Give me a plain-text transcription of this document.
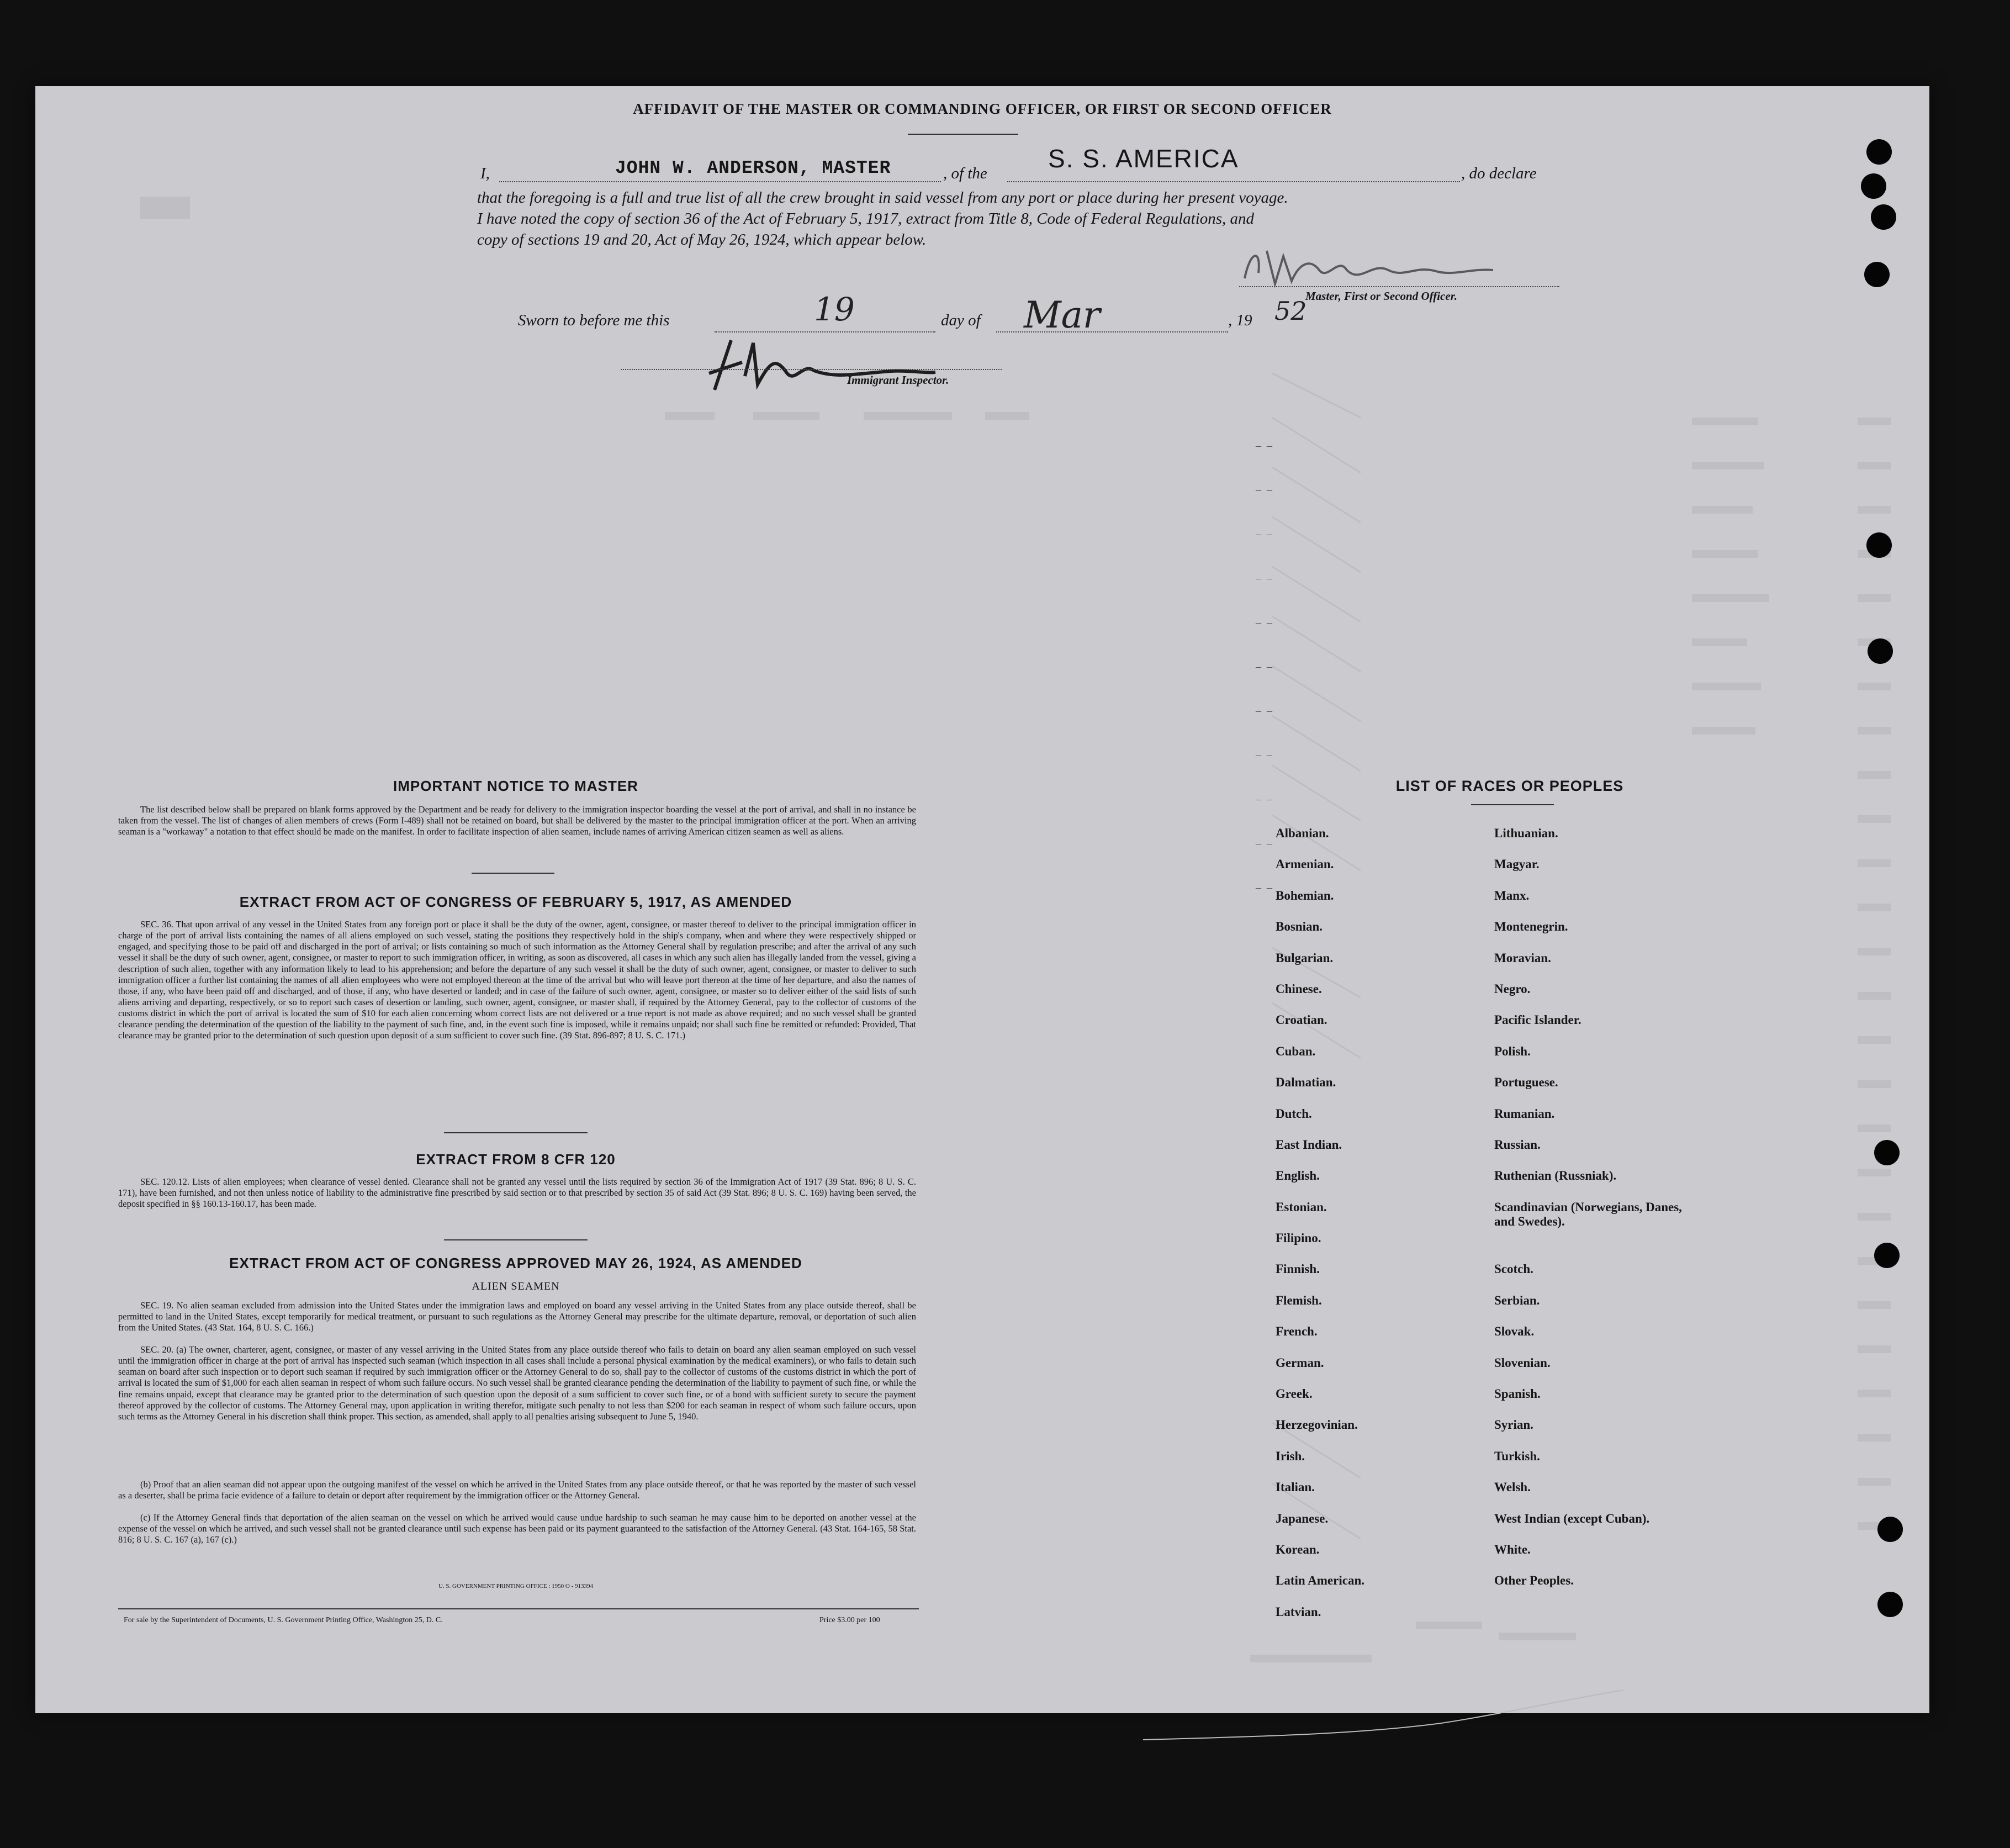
AFFIDAVIT OF THE MASTER OR COMMANDING OFFICER, OR FIRST OR SECOND OFFICER
I,	JOHN W. ANDERSON, MASTER	, of the
S. S. AMERICA
, do declare
that the foregoing is a full and true list of all the crew brought in said vessel from any port or place during her present voyage.
I have noted the copy of section 36 of the Act of February 5, 1917, extract from Title 8, Code of Federal Regulations, and
copy of sections 19 and 20, Act of May 26, 1924, which appear below.
Master, First or Second Officer.
Sworn to before me this	19	day of Mar	, 19 52
Immigrant Inspector.
IMPORTANT NOTICE TO MASTER
The list described below shall be prepared on blank forms approved by the Department and be ready for delivery to the immigration inspector boarding the vessel at the port of arrival, and shall in no instance be taken from the vessel. The list of changes of alien members of crews (Form I-489) shall not be retained on board, but shall be delivered by the master to the principal immigration officer at the port. When an arriving seaman is a "workaway" a notation to that effect should be made on the manifest. In order to facilitate inspection of alien seamen, include names of arriving American citizen seamen as well as aliens.
EXTRACT FROM ACT OF CONGRESS OF FEBRUARY 5, 1917, AS AMENDED
SEC. 36. That upon arrival of any vessel in the United States from any foreign port or place it shall be the duty of the owner, agent, consignee, or master thereof to deliver to the principal immigration officer in charge of the port of arrival lists containing the names of all aliens employed on such vessel, stating the positions they respectively hold in the ship's company, when and where they were respectively shipped or engaged, and specifying those to be paid off and discharged in the port of arrival; or lists containing so much of such information as the Attorney General shall by regulation prescribe; and after the arrival of any such vessel it shall be the duty of such owner, agent, consignee, or master to report to such immigration officer, in writing, as soon as discovered, all cases in which any such alien has illegally landed from the vessel, giving a description of such alien, together with any information likely to lead to his apprehension; and before the departure of any such vessel it shall be the duty of such owner, agent, consignee, or master to deliver to such immigration officer a further list containing the names of all alien employees who were not employed thereon at the time of the arrival but who will leave port thereon at the time of her departure, and also the names of those, if any, who have been paid off and discharged, and of those, if any, who have deserted or landed; and in case of the failure of such owner, agent, consignee, or master so to deliver either of the said lists of such aliens arriving and departing, respectively, or so to report such cases of desertion or landing, such owner, agent, consignee, or master shall, if required by the Attorney General, pay to the collector of customs of the customs district in which the port of arrival is located the sum of $10 for each alien concerning whom correct lists are not delivered or a true report is not made as above required; and no such vessel shall be granted clearance pending the determination of the question of the liability to the payment of such fine, and, in the event such fine is imposed, while it remains unpaid; nor shall such fine be remitted or refunded: Provided, That clearance may be granted prior to the determination of such question upon deposit of a sum sufficient to cover such fine. (39 Stat. 896-897; 8 U. S. C. 171.)
EXTRACT FROM 8 CFR 120
SEC. 120.12. Lists of alien employees; when clearance of vessel denied. Clearance shall not be granted any vessel until the lists required by section 36 of the Immigration Act of 1917 (39 Stat. 896; 8 U. S. C. 171), have been furnished, and not then unless notice of liability to the administrative fine prescribed by said section or to that prescribed by section 35 of said Act (39 Stat. 896; 8 U. S. C. 169) having been served, the deposit specified in §§ 160.13-160.17, has been made.
EXTRACT FROM ACT OF CONGRESS APPROVED MAY 26, 1924, AS AMENDED
ALIEN SEAMEN
SEC. 19. No alien seaman excluded from admission into the United States under the immigration laws and employed on board any vessel arriving in the United States from any place outside thereof, shall be permitted to land in the United States, except temporarily for medical treatment, or pursuant to such regulations as the Attorney General may prescribe for the ultimate departure, removal, or deportation of such alien from the United States. (43 Stat. 164, 8 U. S. C. 166.)
SEC. 20. (a) The owner, charterer, agent, consignee, or master of any vessel arriving in the United States from any place outside thereof who fails to detain on board any alien seaman employed on such vessel until the immigration officer in charge at the port of arrival has inspected such seaman (which inspection in all cases shall include a personal physical examination by the medical examiners), or who fails to detain such seaman on board after such inspection or to deport such seaman if required by such immigration officer or the Attorney General to do so, shall pay to the collector of customs of the customs district in which the port of arrival is located the sum of $1,000 for each alien seaman in respect of whom such failure occurs. No such vessel shall be granted clearance pending the determination of the liability to payment of such fine, or while the fine remains unpaid, except that clearance may be granted prior to the determination of such question upon the deposit of a sum sufficient to cover such fine, or of a bond with sufficient surety to secure the payment thereof approved by the collector of customs. The Attorney General may, upon application in writing therefor, mitigate such penalty to not less than $200 for each seaman in respect of whom such failure occurs, upon such terms as the Attorney General in his discretion shall think proper. This section, as amended, shall apply to all penalties arising subsequent to June 5, 1940.
(b) Proof that an alien seaman did not appear upon the outgoing manifest of the vessel on which he arrived in the United States from any place outside thereof, or that he was reported by the master of such vessel as a deserter, shall be prima facie evidence of a failure to detain or deport after requirement by the immigration officer or the Attorney General.
(c) If the Attorney General finds that deportation of the alien seaman on the vessel on which he arrived would cause undue hardship to such seaman he may cause him to be deported on another vessel at the expense of the vessel on which he arrived, and such vessel shall not be granted clearance until such expense has been paid or its payment guaranteed to the satisfaction of the Attorney General. (43 Stat. 164-165, 58 Stat. 816; 8 U. S. C. 167 (a), 167 (c).)
U. S. GOVERNMENT PRINTING OFFICE : 1950 O - 913394
For sale by the Superintendent of Documents, U. S. Government Printing Office, Washington 25, D. C.	Price $3.00 per 100
–  –
–  –
–  –
–  –
–  –
–  –
–  –
–  –
–  –
–  –
–  –
LIST OF RACES OR PEOPLES
Albanian.
Armenian.
Bohemian.
Bosnian.
Bulgarian.
Chinese.
Croatian.
Cuban.
Dalmatian.
Dutch.
East Indian.
English.
Estonian.
Filipino.
Finnish.
Flemish.
French.
German.
Greek.
Herzegovinian.
Irish.
Italian.
Japanese.
Korean.
Latin American.
Latvian.
Lithuanian.
Magyar.
Manx.
Montenegrin.
Moravian.
Negro.
Pacific Islander.
Polish.
Portuguese.
Rumanian.
Russian.
Ruthenian (Russniak).
Scandinavian (Norwegians, Danes, and Swedes).
Scotch.
Serbian.
Slovak.
Slovenian.
Spanish.
Syrian.
Turkish.
Welsh.
West Indian (except Cuban).
White.
Other Peoples.
